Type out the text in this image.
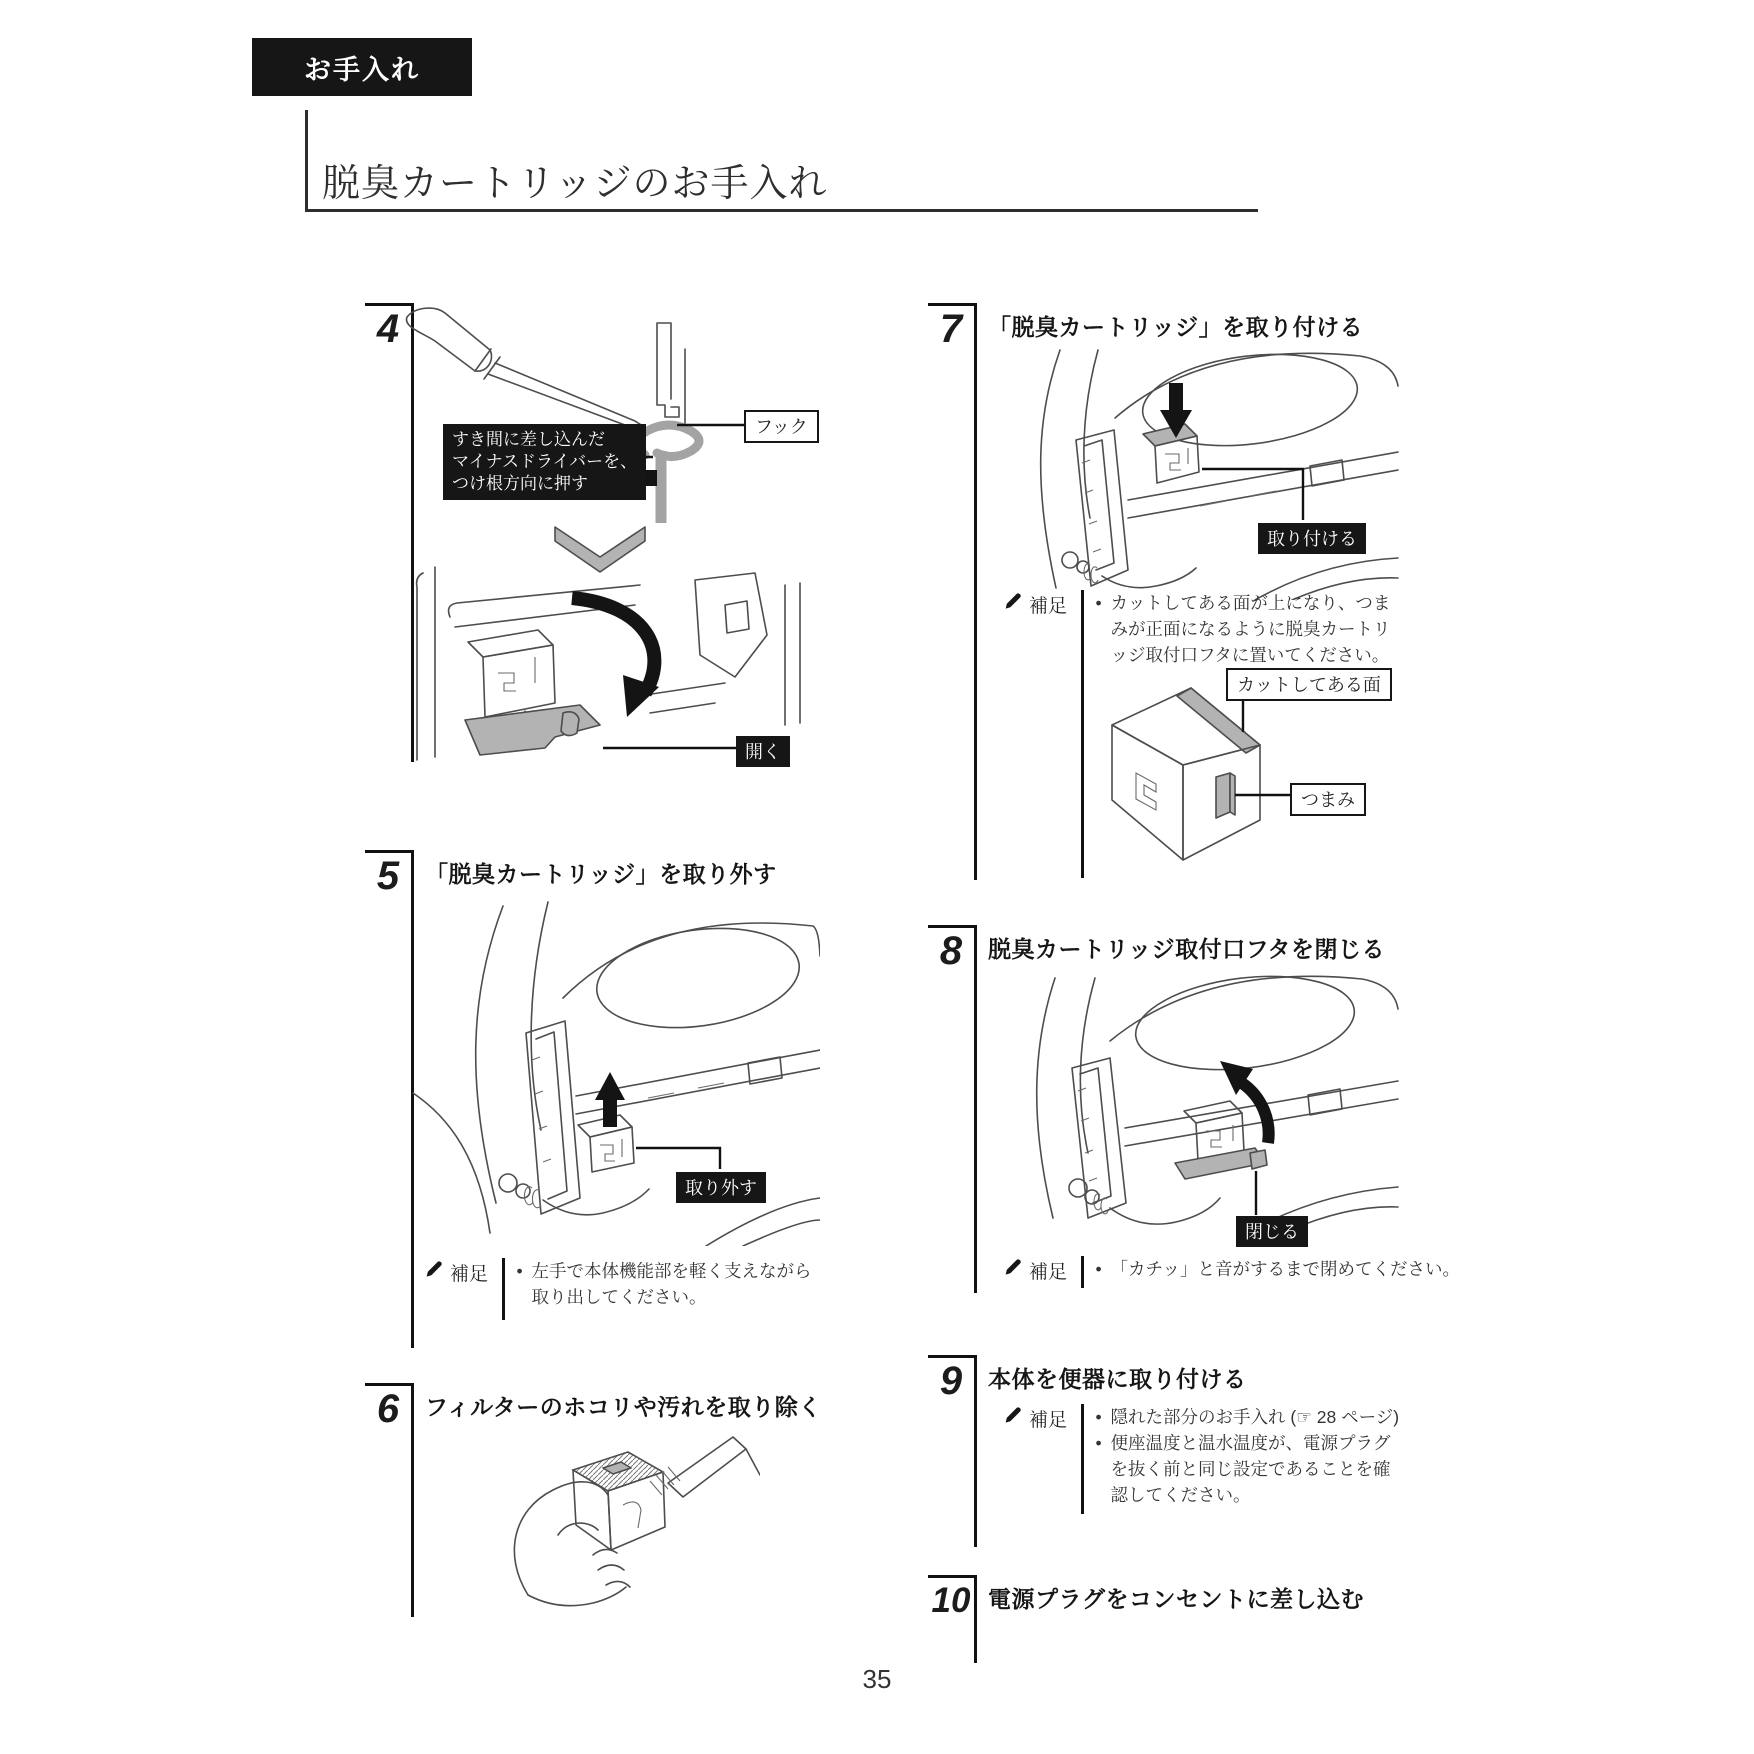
お手入れ
脱臭カートリッジのお手入れ
4
すき間に差し込んだ
マイナスドライバーを、
つけ根方向に押す
フック
開く
5	「脱臭カートリッジ」を取り外す
取り外す
補足	• 左手で本体機能部を軽く支えながら取り出してください。
6	フィルターのホコリや汚れを取り除く
7	「脱臭カートリッジ」を取り付ける
取り付ける
補足	• カットしてある面が上になり、つまみが正面になるように脱臭カートリッジ取付口フタに置いてください。
カットしてある面
つまみ
8	脱臭カートリッジ取付口フタを閉じる
閉じる
補足	• 「カチッ」と音がするまで閉めてください。
9	本体を便器に取り付ける
補足	• 隠れた部分のお手入れ (☞ 28 ページ)
• 便座温度と温水温度が、電源プラグを抜く前と同じ設定であることを確認してください。
10 電源プラグをコンセントに差し込む
35
